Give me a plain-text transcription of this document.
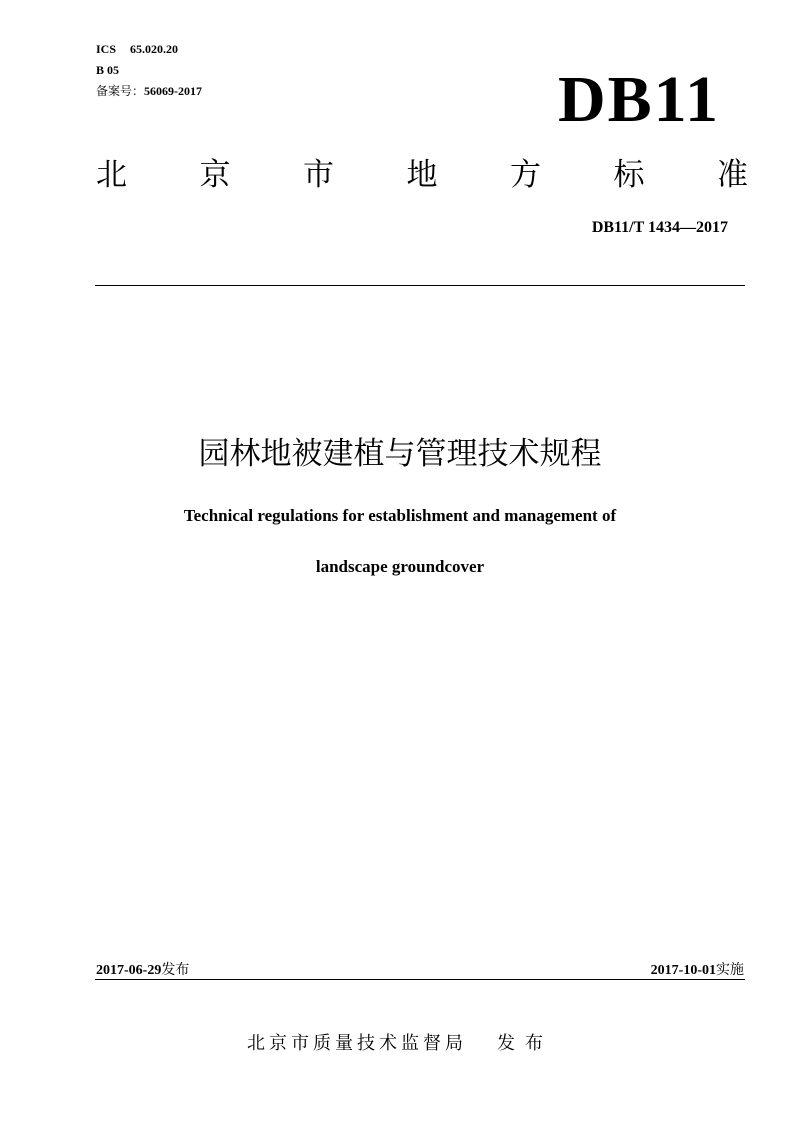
ICS 65.020.20
B 05
备案号：56069-2017	DB11
北 京 市 地 方 标 准
DB11/T 1434—2017
园林地被建植与管理技术规程
Technical regulations for establishment and management of
landscape groundcover
2017-06-29发布	2017-10-01实施
北京市质量技术监督局 发布
